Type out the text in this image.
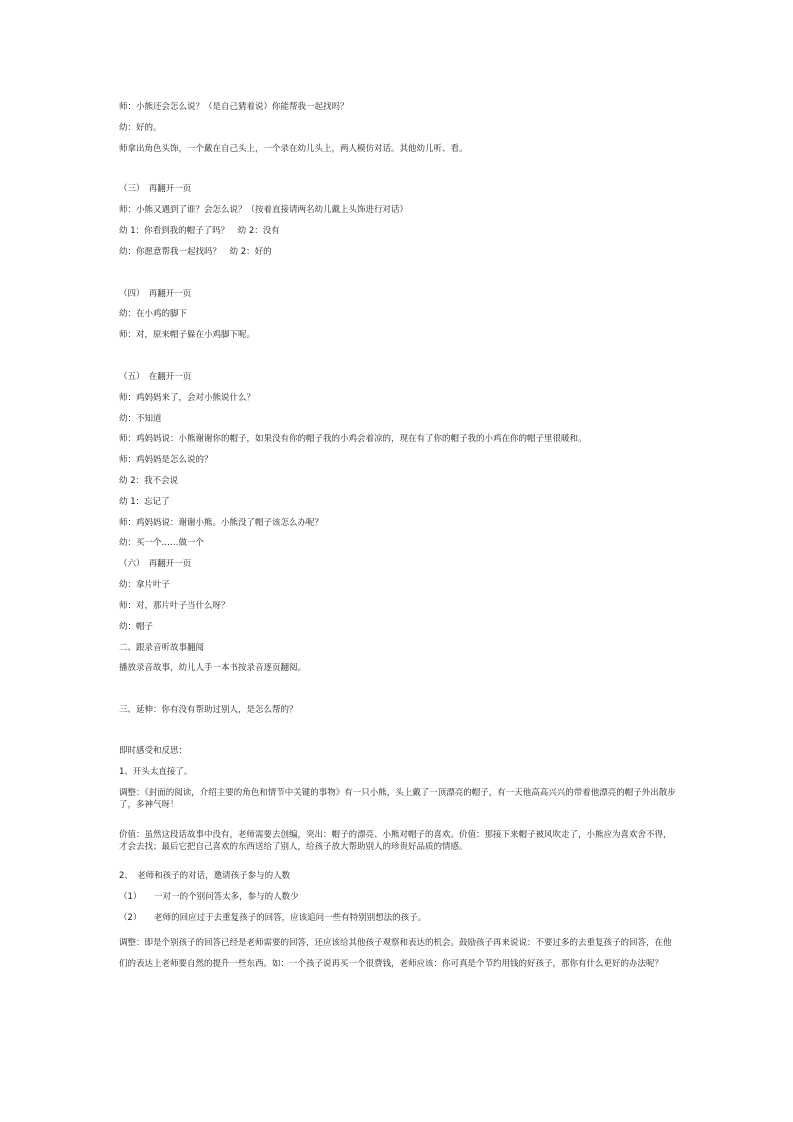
师：小熊还会怎么说？（是自己猜着说）你能帮我一起找吗？
幼：好的。
师拿出角色头饰，一个戴在自己头上，一个录在幼儿头上，两人模仿对话。其他幼儿听、看。
（三）　再翻开一页
师：小熊又遇到了谁？会怎么说？（按着直接请两名幼儿戴上头饰进行对话）
幼 1：你看到我的帽子了吗？　幼 2：没有
幼：你愿意帮我一起找吗？　幼 2：好的
（四）　再翻开一页
幼：在小鸡的脚下
师：对，原来帽子躲在小鸡脚下呢。
（五）　在翻开一页
师：鸡妈妈来了，会对小熊说什么？
幼：不知道
师：鸡妈妈说：小熊谢谢你的帽子，如果没有你的帽子我的小鸡会着凉的，现在有了你的帽子我的小鸡在你的帽子里很暖和。
师：鸡妈妈是怎么说的？
幼 2：我不会说
幼 1：忘记了
师：鸡妈妈说：谢谢小熊。小熊没了帽子该怎么办呢？
幼：买一个……做一个
（六）　再翻开一页
幼：拿片叶子
师：对，那片叶子当什么呀？
幼：帽子
二、跟录音听故事翻阅
播放录音故事，幼儿人手一本书按录音逐页翻阅。
三、延伸：你有没有帮助过别人，是怎么帮的？
即时感受和反思：
1、开头太直接了。
调整：《封面的阅读，介绍主要的角色和情节中关键的事物》有一只小熊，头上戴了一顶漂亮的帽子，有一天他高高兴兴的带着他漂亮的帽子外出散步了，多神气呀！
价值：虽然这段话故事中没有，老师需要去创编，突出：帽子的漂亮、小熊对帽子的喜欢。价值：那接下来帽子被风吹走了，小熊应为喜欢舍不得，才会去找；最后它把自己喜欢的东西送给了别人，给孩子放大帮助别人的珍贵好品质的情感。
2、　老师和孩子的对话，邀请孩子参与的人数
（1）　　一对一的个别问答太多，参与的人数少
（2）　　老师的回应过于去重复孩子的回答，应该追问一些有特别别想法的孩子。
调整：即是个别孩子的回答已经是老师需要的回答，还应该给其他孩子观察和表达的机会。鼓励孩子再来说说：不要过多的去重复孩子的回答，在他们的表达上老师要自然的提升一些东西。如：一个孩子说再买一个很费钱，老师应该：你可真是个节约用钱的好孩子，那你有什么更好的办法呢？
